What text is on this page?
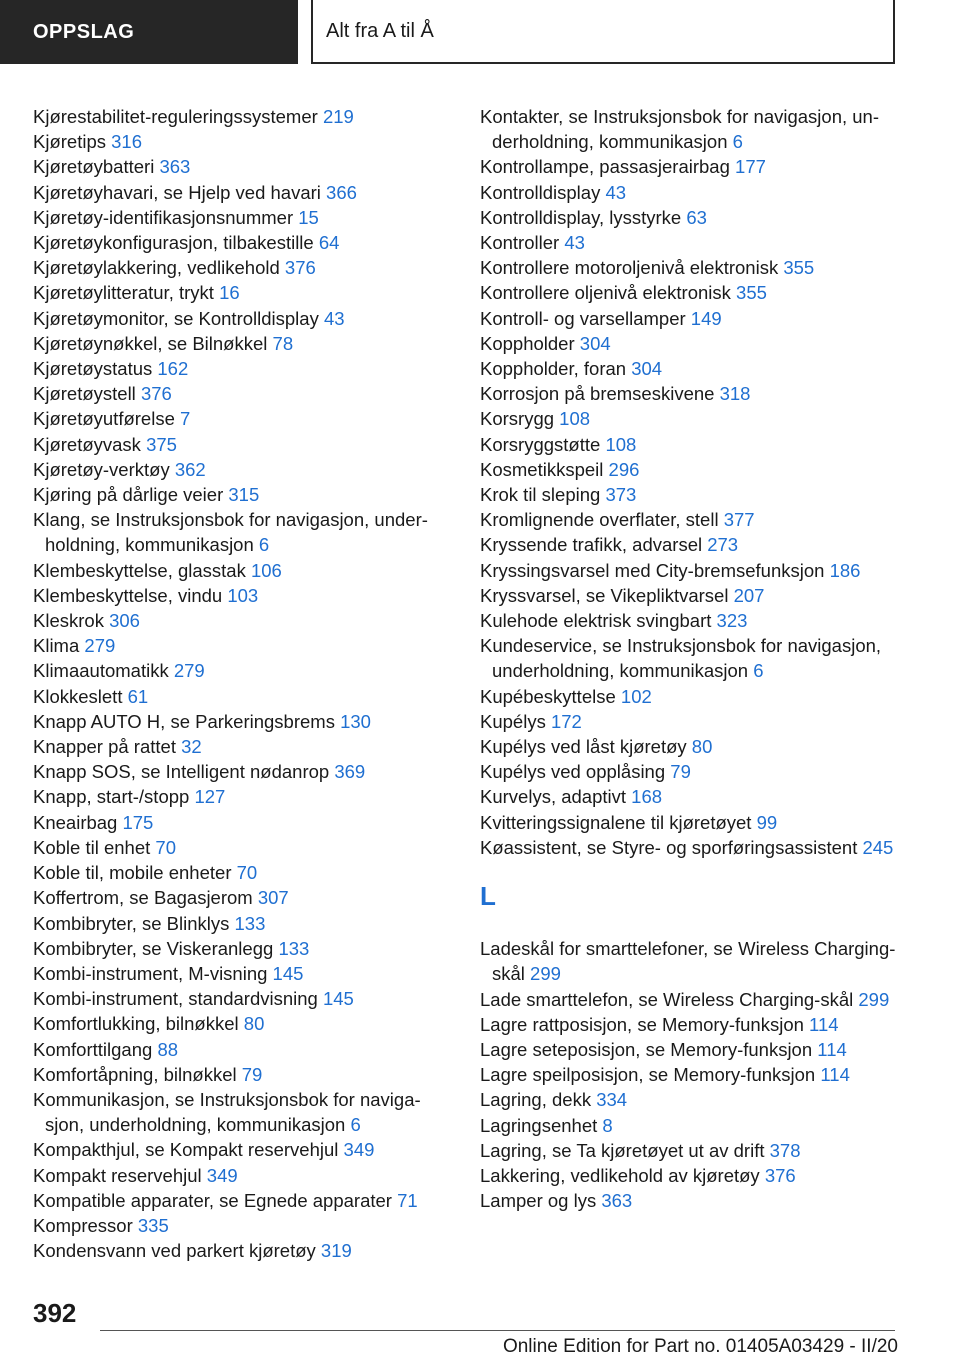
OPPSLAG	Alt fra A til Å
Kjørestabilitet-reguleringssystemer 219
Kjøretips 316
Kjøretøybatteri 363
Kjøretøyhavari, se Hjelp ved havari 366
Kjøretøy-identifikasjonsnummer 15
Kjøretøykonfigurasjon, tilbakestille 64
Kjøretøylakkering, vedlikehold 376
Kjøretøylitteratur, trykt 16
Kjøretøymonitor, se Kontrolldisplay 43
Kjøretøynøkkel, se Bilnøkkel 78
Kjøretøystatus 162
Kjøretøystell 376
Kjøretøyutførelse 7
Kjøretøyvask 375
Kjøretøy-verktøy 362
Kjøring på dårlige veier 315
Klang, se Instruksjonsbok for navigasjon, underholdning, kommunikasjon 6
Klembeskyttelse, glasstak 106
Klembeskyttelse, vindu 103
Kleskrok 306
Klima 279
Klimaautomatikk 279
Klokkeslett 61
Knapp AUTO H, se Parkeringsbrems 130
Knapper på rattet 32
Knapp SOS, se Intelligent nødanrop 369
Knapp, start-/stopp 127
Kneairbag 175
Koble til enhet 70
Koble til, mobile enheter 70
Koffertrom, se Bagasjerom 307
Kombibryter, se Blinklys 133
Kombibryter, se Viskeranlegg 133
Kombi-instrument, M-visning 145
Kombi-instrument, standardvisning 145
Komfortlukking, bilnøkkel 80
Komforttilgang 88
Komfortåpning, bilnøkkel 79
Kommunikasjon, se Instruksjonsbok for navigasjon, underholdning, kommunikasjon 6
Kompakthjul, se Kompakt reservehjul 349
Kompakt reservehjul 349
Kompatible apparater, se Egnede apparater 71
Kompressor 335
Kondensvann ved parkert kjøretøy 319
Kontakter, se Instruksjonsbok for navigasjon, underholdning, kommunikasjon 6
Kontrollampe, passasjerairbag 177
Kontrolldisplay 43
Kontrolldisplay, lysstyrke 63
Kontroller 43
Kontrollere motoroljenivå elektronisk 355
Kontrollere oljenivå elektronisk 355
Kontroll- og varsellamper 149
Koppholder 304
Koppholder, foran 304
Korrosjon på bremseskivene 318
Korsrygg 108
Korsryggstøtte 108
Kosmetikkspeil 296
Krok til sleping 373
Kromlignende overflater, stell 377
Kryssende trafikk, advarsel 273
Kryssingsvarsel med City-bremsefunksjon 186
Kryssvarsel, se Vikepliktvarsel 207
Kulehode elektrisk svingbart 323
Kundeservice, se Instruksjonsbok for navigasjon, underholdning, kommunikasjon 6
Kupébeskyttelse 102
Kupélys 172
Kupélys ved låst kjøretøy 80
Kupélys ved opplåsing 79
Kurvelys, adaptivt 168
Kvitteringssignalene til kjøretøyet 99
Køassistent, se Styre- og sporføringsassistent 245
L
Ladeskål for smarttelefoner, se Wireless Charging-skål 299
Lade smarttelefon, se Wireless Charging-skål 299
Lagre rattposisjon, se Memory-funksjon 114
Lagre seteposisjon, se Memory-funksjon 114
Lagre speilposisjon, se Memory-funksjon 114
Lagring, dekk 334
Lagringsenhet 8
Lagring, se Ta kjøretøyet ut av drift 378
Lakkering, vedlikehold av kjøretøy 376
Lamper og lys 363
392
Online Edition for Part no. 01405A03429 - II/20
